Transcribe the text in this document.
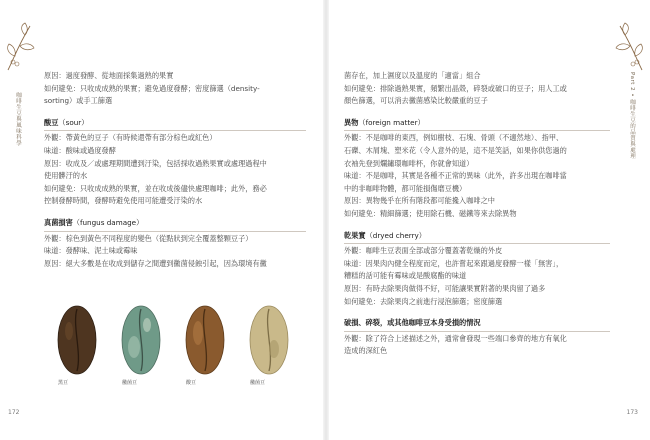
咖啡生豆與風味科學	Part 2 • 咖啡生豆的品質與處理
原因：過度發酵、從地面採集過熟的果實
如何避免：只收成成熟的果實；避免過度發酵；密度篩選（density-
sorting）或手工篩選
酸豆（sour）
外觀：帶黃色的豆子（有時候還帶有部分棕色或紅色）
味道：酸味或過度發酵
原因：收成及／或處理期間遭到汙染，包括採收過熟果實或處理過程中
使用髒汙的水
如何避免：只收成成熟的果實，並在收成後儘快處理咖啡；此外，務必
控制發酵時間，發酵時避免使用可能遭受汙染的水
真菌損害（fungus damage）
外觀：棕色到黃色不同程度的變色（從點狀到完全覆蓋整顆豆子）
味道：發酵味、泥土味或霉味
原因：絕大多數是在收成到儲存之間遭到黴菌侵蝕引起，因為環境有黴
黑豆	黴菌豆	酸豆	黴菌豆
菌存在，加上濕度以及溫度的「適當」組合
如何避免：排除過熟果實，頻繁出晶殼，碎裂或破口的豆子；用人工或
顏色篩選，可以消去黴菌感染比較嚴重的豆子
異物（foreign matter）
外觀：不是咖啡的東西，例如樹枝、石塊、骨頭（不適然地）、指甲、
石礫、木屑塊、塑米花（令人意外的是，這不是笑話，如果你供您過的
衣袖先登到爛鏽環咖啡杯，你就會知道）
味道：不是咖啡，其實是各種不正常的異味（此外，許多出現在咖啡當
中的非咖啡物體，都可能損傷磨豆機）
原因：異物幾乎在所有階段都可能攙入咖啡之中
如何避免：精細篩選；使用除石機、磁鐵等來去除異物
乾果實（dryed cherry）
外觀：咖啡生豆表面全部或部分覆蓋著乾燥的外皮
味道：因果肉內健全程度而定，也許嘗起來跟過度發酵一樣「無害」，
糟糕的話可能有霉味或是酸腐酯的味道
原因：有時去除果肉做得不好，可能讓果實附著的果肉留了過多
如何避免：去除果肉之前進行浸泡篩選；密度篩選
破損、碎裂，或其他咖啡豆本身受損的情況
外觀：除了符合上述描述之外，通常會發現一些端口參齊的地方有氧化
造成的深紅色
172	173
